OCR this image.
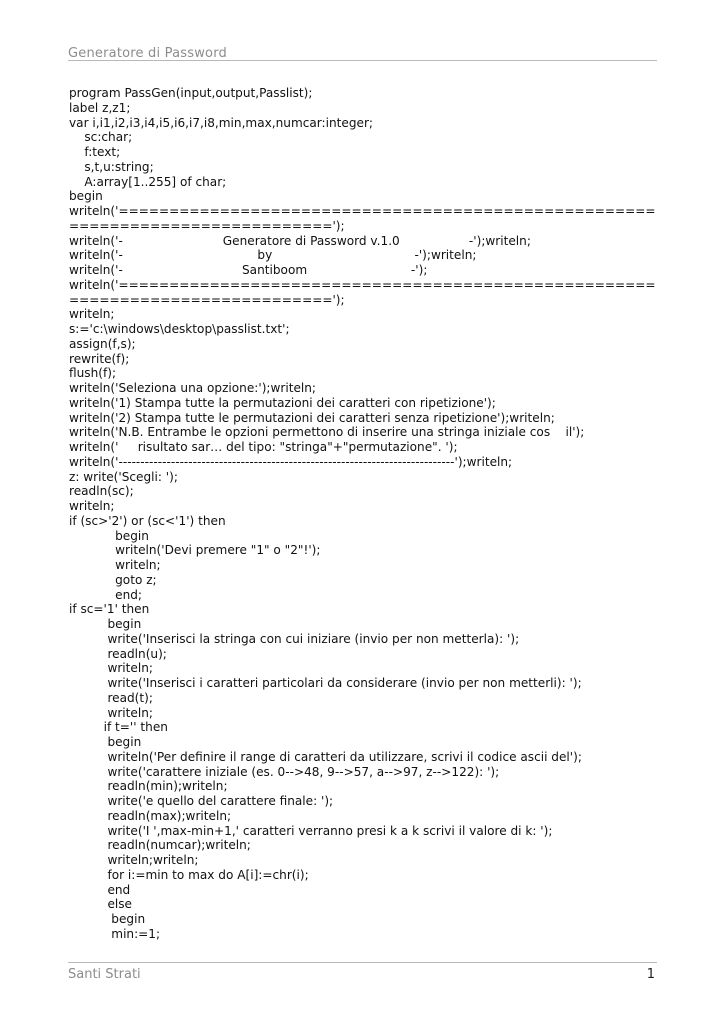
Generatore di Password
program PassGen(input,output,Passlist);
label z,z1;
var i,i1,i2,i3,i4,i5,i6,i7,i8,min,max,numcar:integer;
sc:char;
f:text;
s,t,u:string;
A:array[1..255] of char;
begin
writeln('=====================================================
==========================');
writeln('-                          Generatore di Password v.1.0                  -');writeln;
writeln('-                                   by                                     -');writeln;
writeln('-                               Santiboom                           -');
writeln('=====================================================
==========================');
writeln;
s:='c:\windows\desktop\passlist.txt';
assign(f,s);
rewrite(f);
flush(f);
writeln('Seleziona una opzione:');writeln;
writeln('1) Stampa tutte la permutazioni dei caratteri con ripetizione');
writeln('2) Stampa tutte le permutazioni dei caratteri senza ripetizione');writeln;
writeln('N.B. Entrambe le opzioni permettono di inserire una stringa iniziale cos    il');
writeln('     risultato sar… del tipo: "stringa"+"permutazione". ');
writeln('-----------------------------------------------------------------------------');writeln;
z: write('Scegli: ');
readln(sc);
writeln;
if (sc>'2') or (sc<'1') then
begin
writeln('Devi premere "1" o "2"!');
writeln;
goto z;
end;
if sc='1' then
begin
write('Inserisci la stringa con cui iniziare (invio per non metterla): ');
readln(u);
writeln;
write('Inserisci i caratteri particolari da considerare (invio per non metterli): ');
read(t);
writeln;
if t='' then
begin
writeln('Per definire il range di caratteri da utilizzare, scrivi il codice ascii del');
write('carattere iniziale (es. 0-->48, 9-->57, a-->97, z-->122): ');
readln(min);writeln;
write('e quello del carattere finale: ');
readln(max);writeln;
write('I ',max-min+1,' caratteri verranno presi k a k scrivi il valore di k: ');
readln(numcar);writeln;
writeln;writeln;
for i:=min to max do A[i]:=chr(i);
end
else
begin
min:=1;
Santi Strati	1
